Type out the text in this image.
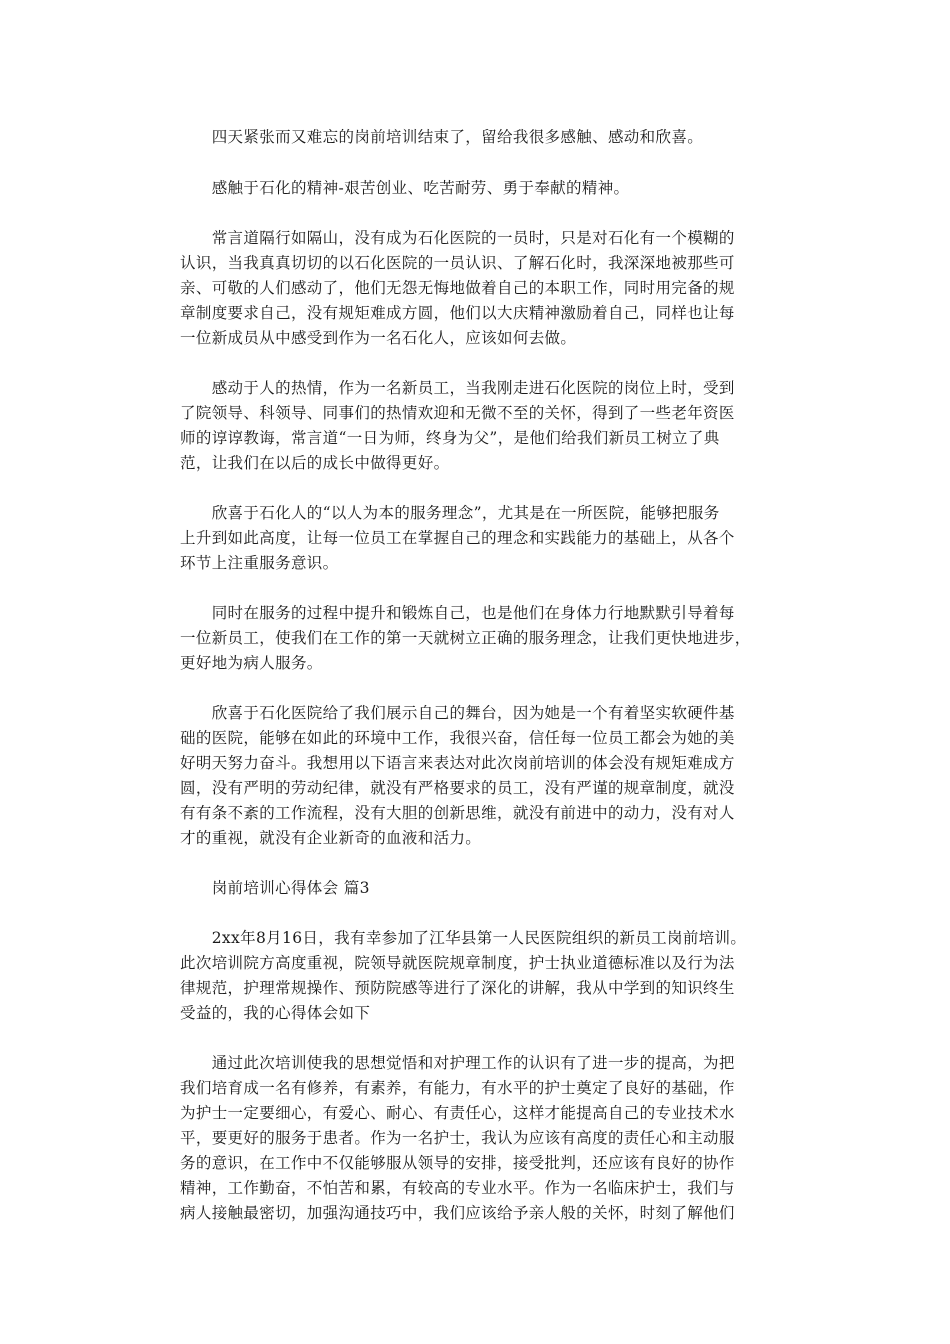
　　四天紧张而又难忘的岗前培训结束了，留给我很多感触、感动和欣喜。
　　感触于石化的精神-艰苦创业、吃苦耐劳、勇于奉献的精神。
　　常言道隔行如隔山，没有成为石化医院的一员时，只是对石化有一个模糊的
认识，当我真真切切的以石化医院的一员认识、了解石化时，我深深地被那些可
亲、可敬的人们感动了，他们无怨无悔地做着自己的本职工作，同时用完备的规
章制度要求自己，没有规矩难成方圆，他们以大庆精神激励着自己，同样也让每
一位新成员从中感受到作为一名石化人，应该如何去做。
　　感动于人的热情，作为一名新员工，当我刚走进石化医院的岗位上时，受到
了院领导、科领导、同事们的热情欢迎和无微不至的关怀，得到了一些老年资医
师的谆谆教诲，常言道“一日为师，终身为父”，是他们给我们新员工树立了典
范，让我们在以后的成长中做得更好。
　　欣喜于石化人的“以人为本的服务理念”，尤其是在一所医院，能够把服务
上升到如此高度，让每一位员工在掌握自己的理念和实践能力的基础上，从各个
环节上注重服务意识。
　　同时在服务的过程中提升和锻炼自己，也是他们在身体力行地默默引导着每
一位新员工，使我们在工作的第一天就树立正确的服务理念，让我们更快地进步，
更好地为病人服务。
　　欣喜于石化医院给了我们展示自己的舞台，因为她是一个有着坚实软硬件基
础的医院，能够在如此的环境中工作，我很兴奋，信任每一位员工都会为她的美
好明天努力奋斗。我想用以下语言来表达对此次岗前培训的体会没有规矩难成方
圆，没有严明的劳动纪律，就没有严格要求的员工，没有严谨的规章制度，就没
有有条不紊的工作流程，没有大胆的创新思维，就没有前进中的动力，没有对人
才的重视，就没有企业新奇的血液和活力。
　　岗前培训心得体会 篇3
　　2xx年8月16日，我有幸参加了江华县第一人民医院组织的新员工岗前培训。
此次培训院方高度重视，院领导就医院规章制度，护士执业道德标准以及行为法
律规范，护理常规操作、预防院感等进行了深化的讲解，我从中学到的知识终生
受益的，我的心得体会如下
　　通过此次培训使我的思想觉悟和对护理工作的认识有了进一步的提高，为把
我们培育成一名有修养，有素养，有能力，有水平的护士奠定了良好的基础，作
为护士一定要细心，有爱心、耐心、有责任心，这样才能提高自己的专业技术水
平，要更好的服务于患者。作为一名护士，我认为应该有高度的责任心和主动服
务的意识，在工作中不仅能够服从领导的安排，接受批判，还应该有良好的协作
精神，工作勤奋，不怕苦和累，有较高的专业水平。作为一名临床护士，我们与
病人接触最密切，加强沟通技巧中，我们应该给予亲人般的关怀，时刻了解他们
